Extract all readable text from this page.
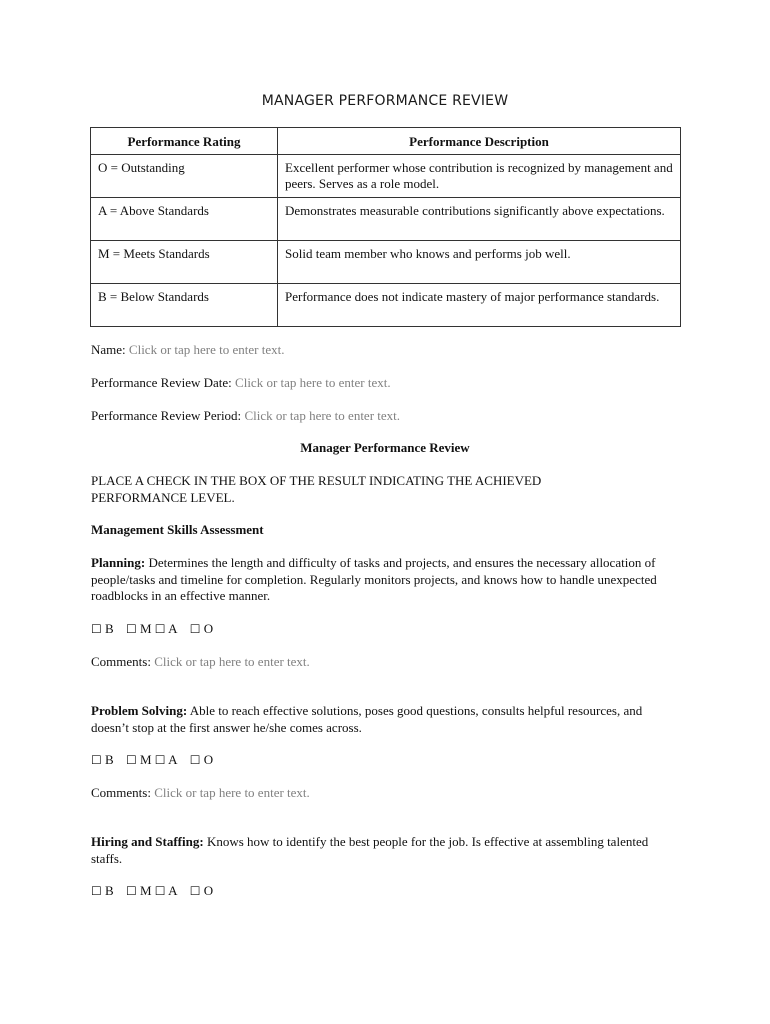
MANAGER PERFORMANCE REVIEW
Performance Rating	Performance Description
O = Outstanding	Excellent performer whose contribution is recognized by management and peers. Serves as a role model.
A = Above Standards	Demonstrates measurable contributions significantly above expectations.
M = Meets Standards	Solid team member who knows and performs job well.
B = Below Standards	Performance does not indicate mastery of major performance standards.
Name: Click or tap here to enter text.
Performance Review Date: Click or tap here to enter text.
Performance Review Period: Click or tap here to enter text.
Manager Performance Review
PLACE A CHECK IN THE BOX OF THE RESULT INDICATING THE ACHIEVED PERFORMANCE LEVEL.
Management Skills Assessment
Planning: Determines the length and difficulty of tasks and projects, and ensures the necessary allocation of people/tasks and timeline for completion. Regularly monitors projects, and knows how to handle unexpected roadblocks in an effective manner.
☐ B ☐ M ☐ A ☐ O
Comments: Click or tap here to enter text.
Problem Solving: Able to reach effective solutions, poses good questions, consults helpful resources, and doesn’t stop at the first answer he/she comes across.
☐ B ☐ M ☐ A ☐ O
Comments: Click or tap here to enter text.
Hiring and Staffing: Knows how to identify the best people for the job. Is effective at assembling talented staffs.
☐ B ☐ M ☐ A ☐ O
